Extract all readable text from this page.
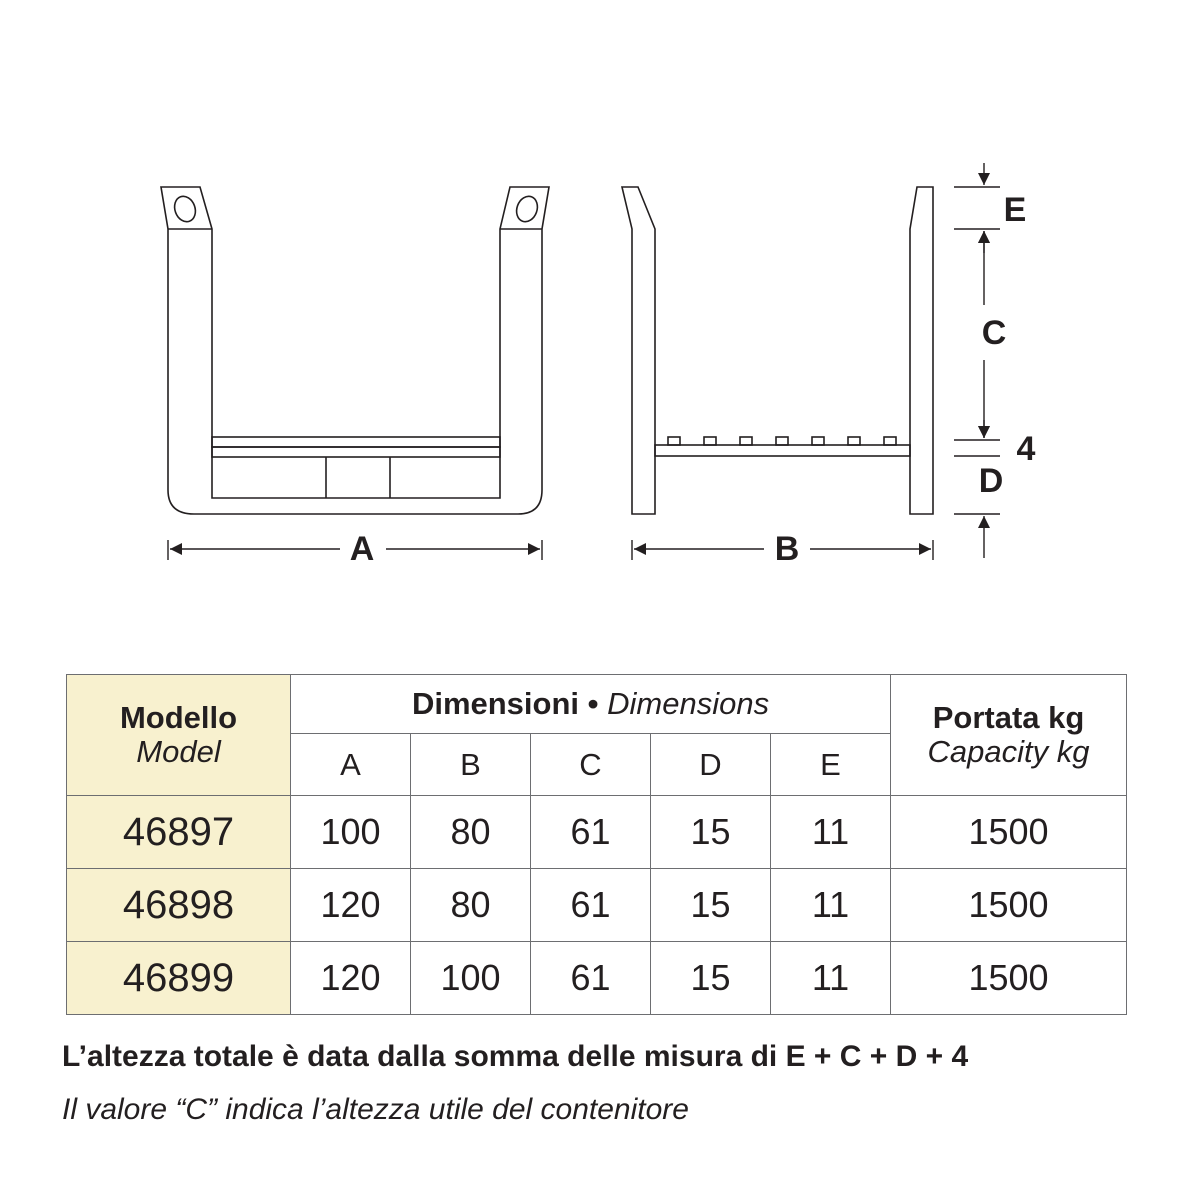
A	B
E
C
4
D
Modello
Model	Dimensioni • Dimensions					Portata kg
Capacity kg

	A	B	C	D	E	
46897	100	80	61	15	11	1500
46898	120	80	61	15	11	1500
46899	120	100	61	15	11	1500
L’altezza totale è data dalla somma delle misura di E + C + D + 4
Il valore “C” indica l’altezza utile del contenitore
